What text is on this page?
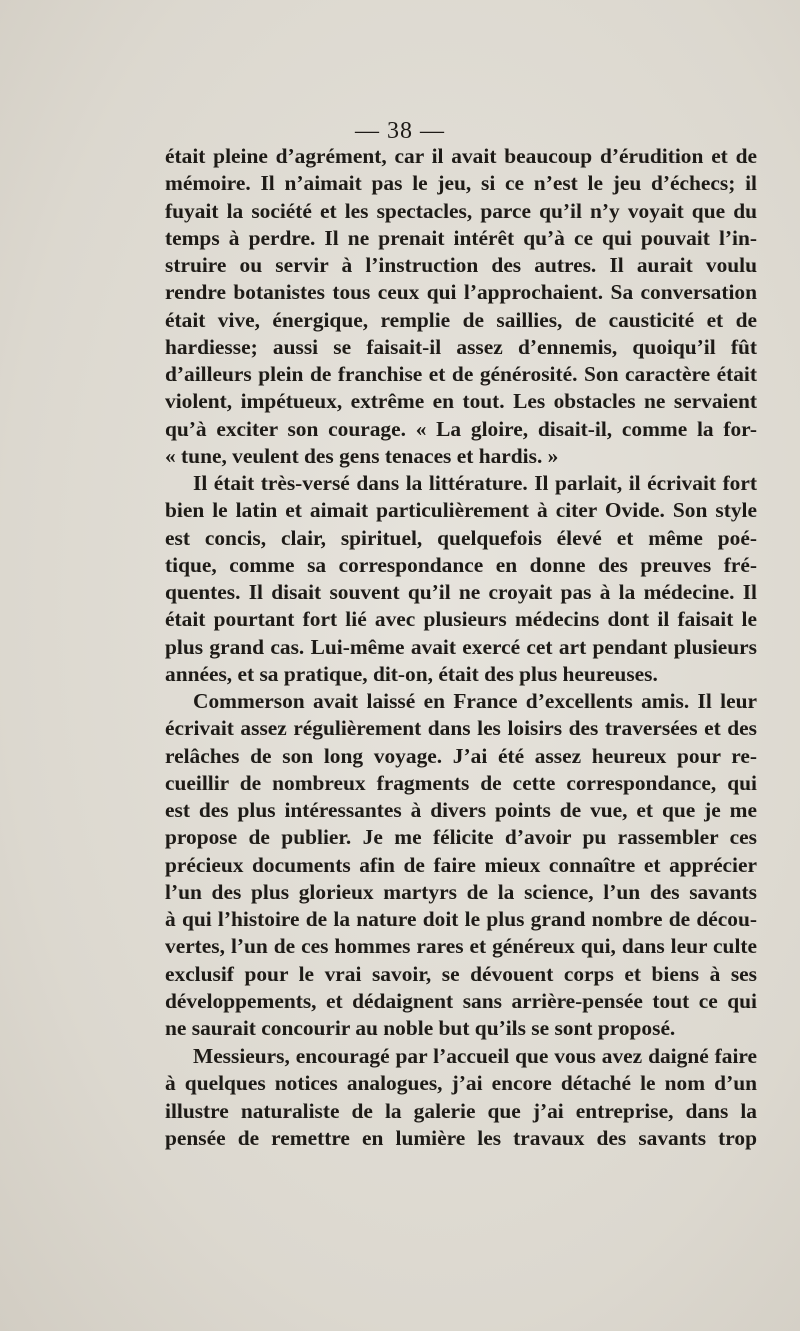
— 38 —
était pleine d’agrément, car il avait beaucoup d’érudition et de
mémoire. Il n’aimait pas le jeu, si ce n’est le jeu d’échecs; il
fuyait la société et les spectacles, parce qu’il n’y voyait que du
temps à perdre. Il ne prenait intérêt qu’à ce qui pouvait l’in-
struire ou servir à l’instruction des autres. Il aurait voulu
rendre botanistes tous ceux qui l’approchaient. Sa conversation
était vive, énergique, remplie de saillies, de causticité et de
hardiesse; aussi se faisait-il assez d’ennemis, quoiqu’il fût
d’ailleurs plein de franchise et de générosité. Son caractère était
violent, impétueux, extrême en tout. Les obstacles ne servaient
qu’à exciter son courage. « La gloire, disait-il, comme la for-
« tune, veulent des gens tenaces et hardis. »
Il était très-versé dans la littérature. Il parlait, il écrivait fort
bien le latin et aimait particulièrement à citer Ovide. Son style
est concis, clair, spirituel, quelquefois élevé et même poé-
tique, comme sa correspondance en donne des preuves fré-
quentes. Il disait souvent qu’il ne croyait pas à la médecine. Il
était pourtant fort lié avec plusieurs médecins dont il faisait le
plus grand cas. Lui-même avait exercé cet art pendant plusieurs
années, et sa pratique, dit-on, était des plus heureuses.
Commerson avait laissé en France d’excellents amis. Il leur
écrivait assez régulièrement dans les loisirs des traversées et des
relâches de son long voyage. J’ai été assez heureux pour re-
cueillir de nombreux fragments de cette correspondance, qui
est des plus intéressantes à divers points de vue, et que je me
propose de publier. Je me félicite d’avoir pu rassembler ces
précieux documents afin de faire mieux connaître et apprécier
l’un des plus glorieux martyrs de la science, l’un des savants
à qui l’histoire de la nature doit le plus grand nombre de décou-
vertes, l’un de ces hommes rares et généreux qui, dans leur culte
exclusif pour le vrai savoir, se dévouent corps et biens à ses
développements, et dédaignent sans arrière-pensée tout ce qui
ne saurait concourir au noble but qu’ils se sont proposé.
Messieurs, encouragé par l’accueil que vous avez daigné faire
à quelques notices analogues, j’ai encore détaché le nom d’un
illustre naturaliste de la galerie que j’ai entreprise, dans la
pensée de remettre en lumière les travaux des savants trop
